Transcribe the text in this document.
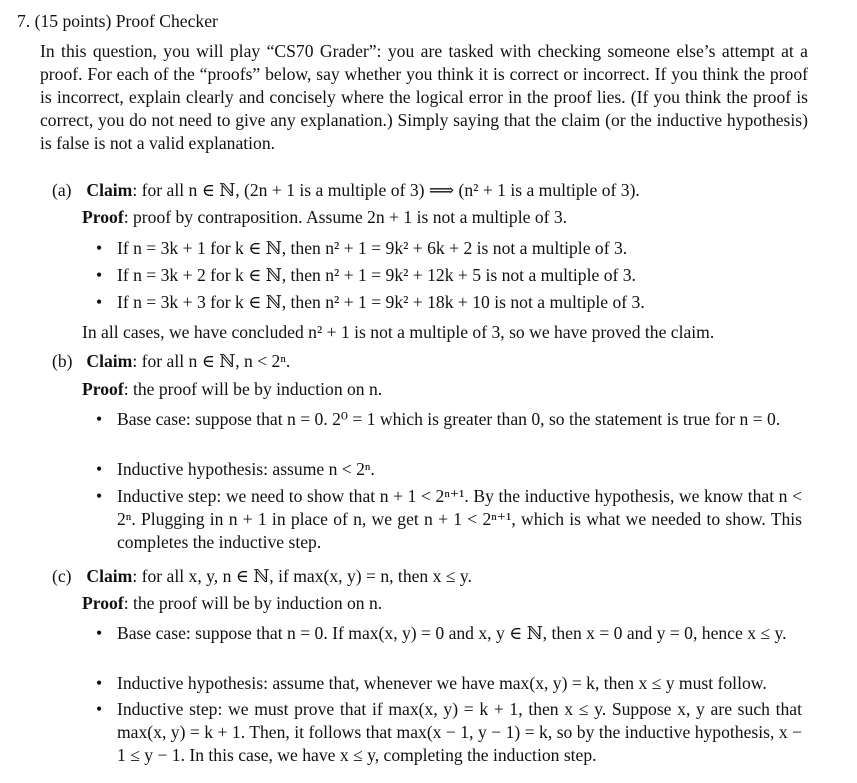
7. (15 points) Proof Checker
In this question, you will play “CS70 Grader”: you are tasked with checking someone else’s attempt at a proof. For each of the “proofs” below, say whether you think it is correct or incorrect. If you think the proof is incorrect, explain clearly and concisely where the logical error in the proof lies. (If you think the proof is correct, you do not need to give any explanation.) Simply saying that the claim (or the inductive hypothesis) is false is not a valid explanation.
(a) Claim: for all n ∈ ℕ, (2n + 1 is a multiple of 3) ⟹ (n² + 1 is a multiple of 3).
Proof: proof by contraposition. Assume 2n + 1 is not a multiple of 3.
• If n = 3k + 1 for k ∈ ℕ, then n² + 1 = 9k² + 6k + 2 is not a multiple of 3.
• If n = 3k + 2 for k ∈ ℕ, then n² + 1 = 9k² + 12k + 5 is not a multiple of 3.
• If n = 3k + 3 for k ∈ ℕ, then n² + 1 = 9k² + 18k + 10 is not a multiple of 3.
In all cases, we have concluded n² + 1 is not a multiple of 3, so we have proved the claim.
(b) Claim: for all n ∈ ℕ, n < 2ⁿ.
Proof: the proof will be by induction on n.
• Base case: suppose that n = 0. 2⁰ = 1 which is greater than 0, so the statement is true for n = 0.
• Inductive hypothesis: assume n < 2ⁿ.
• Inductive step: we need to show that n + 1 < 2ⁿ⁺¹. By the inductive hypothesis, we know that n < 2ⁿ. Plugging in n + 1 in place of n, we get n + 1 < 2ⁿ⁺¹, which is what we needed to show. This completes the inductive step.
(c) Claim: for all x, y, n ∈ ℕ, if max(x, y) = n, then x ≤ y.
Proof: the proof will be by induction on n.
• Base case: suppose that n = 0. If max(x, y) = 0 and x, y ∈ ℕ, then x = 0 and y = 0, hence x ≤ y.
• Inductive hypothesis: assume that, whenever we have max(x, y) = k, then x ≤ y must follow.
• Inductive step: we must prove that if max(x, y) = k + 1, then x ≤ y. Suppose x, y are such that max(x, y) = k + 1. Then, it follows that max(x − 1, y − 1) = k, so by the inductive hypothesis, x − 1 ≤ y − 1. In this case, we have x ≤ y, completing the induction step.
